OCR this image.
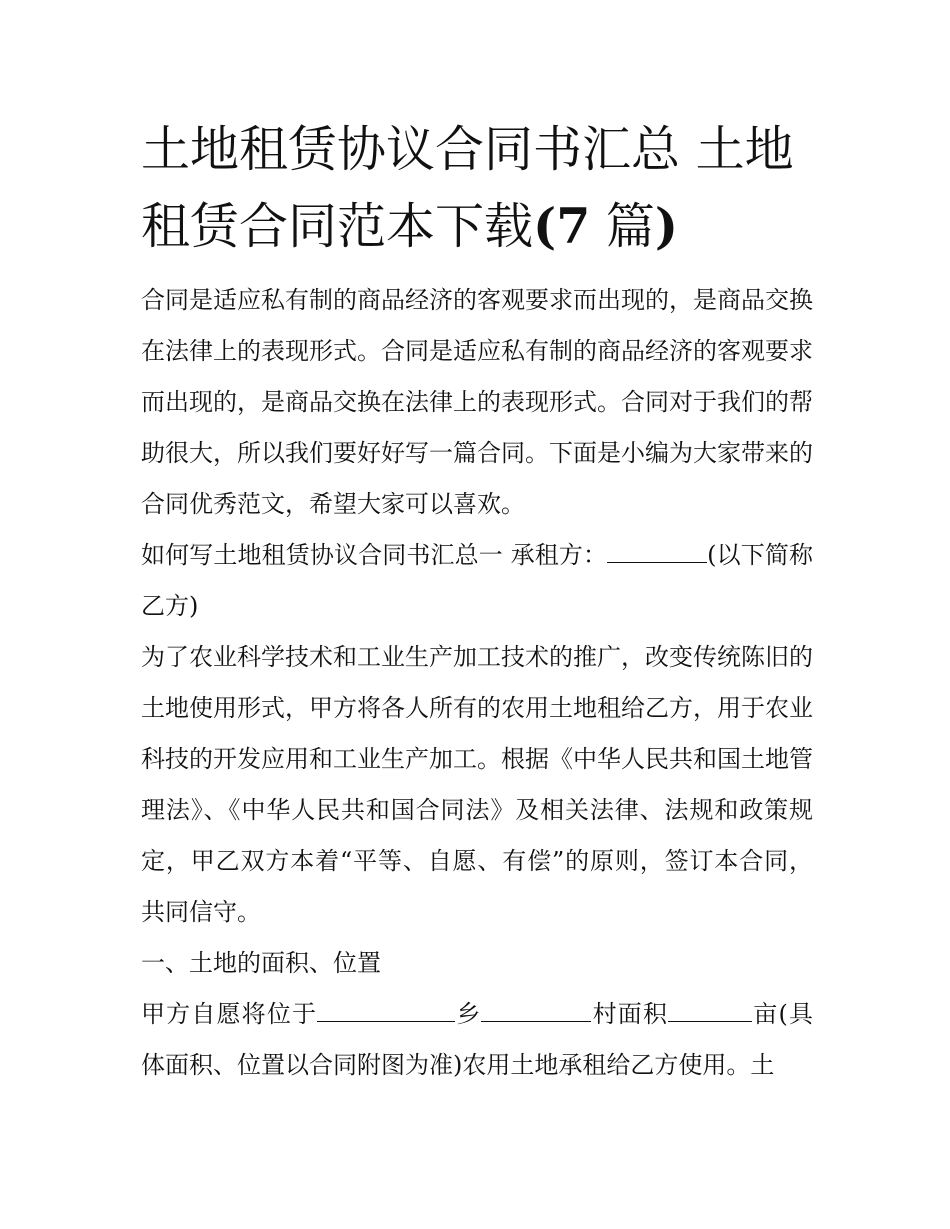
土地租赁协议合同书汇总 土地租赁合同范本下载(7 篇)

合同是适应私有制的商品经济的客观要求而出现的，是商品交换在法律上的表现形式。合同是适应私有制的商品经济的客观要求而出现的，是商品交换在法律上的表现形式。合同对于我们的帮助很大，所以我们要好好写一篇合同。下面是小编为大家带来的合同优秀范文，希望大家可以喜欢。

如何写土地租赁协议合同书汇总一 承租方：	(以下简称乙方)

为了农业科学技术和工业生产加工技术的推广，改变传统陈旧的土地使用形式，甲方将各人所有的农用土地租给乙方，用于农业科技的开发应用和工业生产加工。根据《中华人民共和国土地管理法》、《中华人民共和国合同法》及相关法律、法规和政策规定，甲乙双方本着“平等、自愿、有偿”的原则，签订本合同，共同信守。

一、土地的面积、位置

甲方自愿将位于	乡	村面积	亩(具体面积、位置以合同附图为准)农用土地承租给乙方使用。土
